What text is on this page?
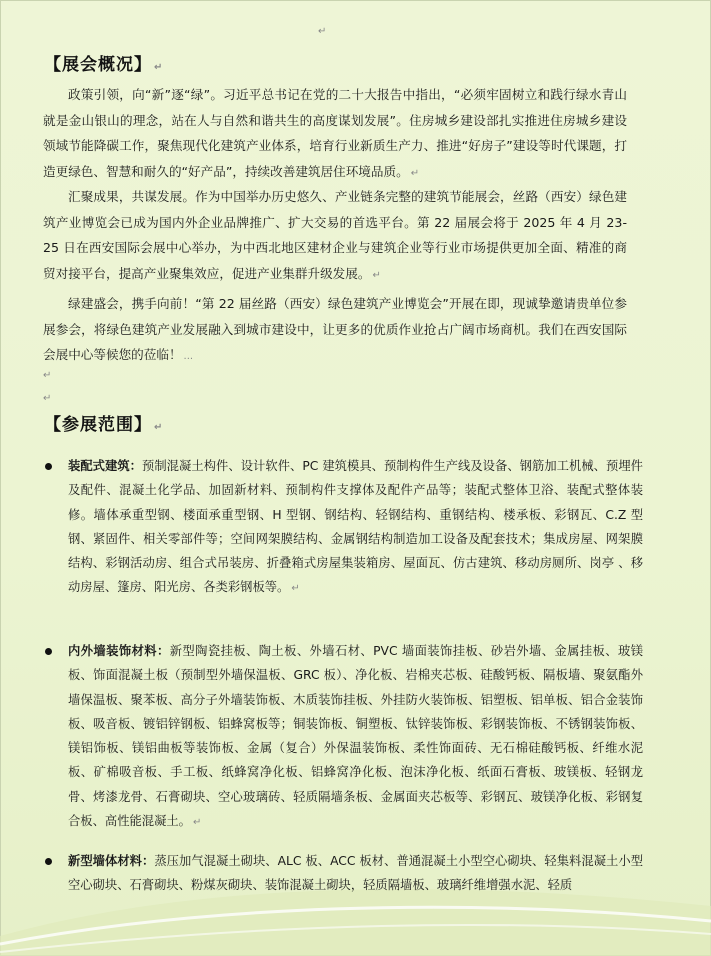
↵
【展会概况】 ↵

政策引领，向“新”逐“绿”。习近平总书记在党的二十大报告中指出，“必须牢固树立和践行绿水青山就是金山银山的理念，站在人与自然和谐共生的高度谋划发展”。住房城乡建设部扎实推进住房城乡建设领域节能降碳工作，聚焦现代化建筑产业体系，培育行业新质生产力、推进“好房子”建设等时代课题，打造更绿色、智慧和耐久的“好产品”，持续改善建筑居住环境品质。 ↵

汇聚成果，共谋发展。作为中国举办历史悠久、产业链条完整的建筑节能展会，丝路（西安）绿色建筑产业博览会已成为国内外企业品牌推广、扩大交易的首选平台。第 22 届展会将于 2025 年 4 月 23-25 日在西安国际会展中心举办，为中西北地区建材企业与建筑企业等行业市场提供更加全面、精准的商贸对接平台，提高产业聚集效应，促进产业集群升级发展。 ↵

绿建盛会，携手向前！“第 22 届丝路（西安）绿色建筑产业博览会”开展在即，现诚挚邀请贵单位参展参会，将绿色建筑产业发展融入到城市建设中，让更多的优质作业抢占广阔市场商机。我们在西安国际会展中心等候您的莅临！ ...

↵
↵
【参展范围】 ↵

装配式建筑：预制混凝土构件、设计软件、PC 建筑模具、预制构件生产线及设备、钢筋加工机械、预埋件及配件、混凝土化学品、加固新材料、预制构件支撑体及配件产品等；装配式整体卫浴、装配式整体装修。墙体承重型钢、楼面承重型钢、H 型钢、钢结构、轻钢结构、重钢结构、楼承板、彩钢瓦、C.Z 型钢、紧固件、相关零部件等；空间网架膜结构、金属钢结构制造加工设备及配套技术；集成房屋、网架膜结构、彩钢活动房、组合式吊装房、折叠箱式房屋集装箱房、屋面瓦、仿古建筑、移动房厕所、岗亭 、移动房屋、篷房、阳光房、各类彩钢板等。 ↵

内外墙装饰材料：新型陶瓷挂板、陶土板、外墙石材、PVC 墙面装饰挂板、砂岩外墙、金属挂板、玻镁板、饰面混凝土板（预制型外墙保温板、GRC 板）、净化板、岩棉夹芯板、硅酸钙板、隔板墙、聚氨酯外墙保温板、聚苯板、高分子外墙装饰板、木质装饰挂板、外挂防火装饰板、铝塑板、铝单板、铝合金装饰板、吸音板、镀铝锌钢板、铝蜂窝板等；铜装饰板、铜塑板、钛锌装饰板、彩钢装饰板、不锈钢装饰板、镁铝饰板、镁铝曲板等装饰板、金属（复合）外保温装饰板、柔性饰面砖、无石棉硅酸钙板、纤维水泥板、矿棉吸音板、手工板、纸蜂窝净化板、铝蜂窝净化板、泡沫净化板、纸面石膏板、玻镁板、轻钢龙骨、烤漆龙骨、石膏砌块、空心玻璃砖、轻质隔墙条板、金属面夹芯板等、彩钢瓦、玻镁净化板、彩钢复合板、高性能混凝土。 ↵

新型墙体材料：蒸压加气混凝土砌块、ALC 板、ACC 板材、普通混凝土小型空心砌块、轻集料混凝土小型空心砌块、石膏砌块、粉煤灰砌块、装饰混凝土砌块，轻质隔墙板、玻璃纤维增强水泥、轻质
